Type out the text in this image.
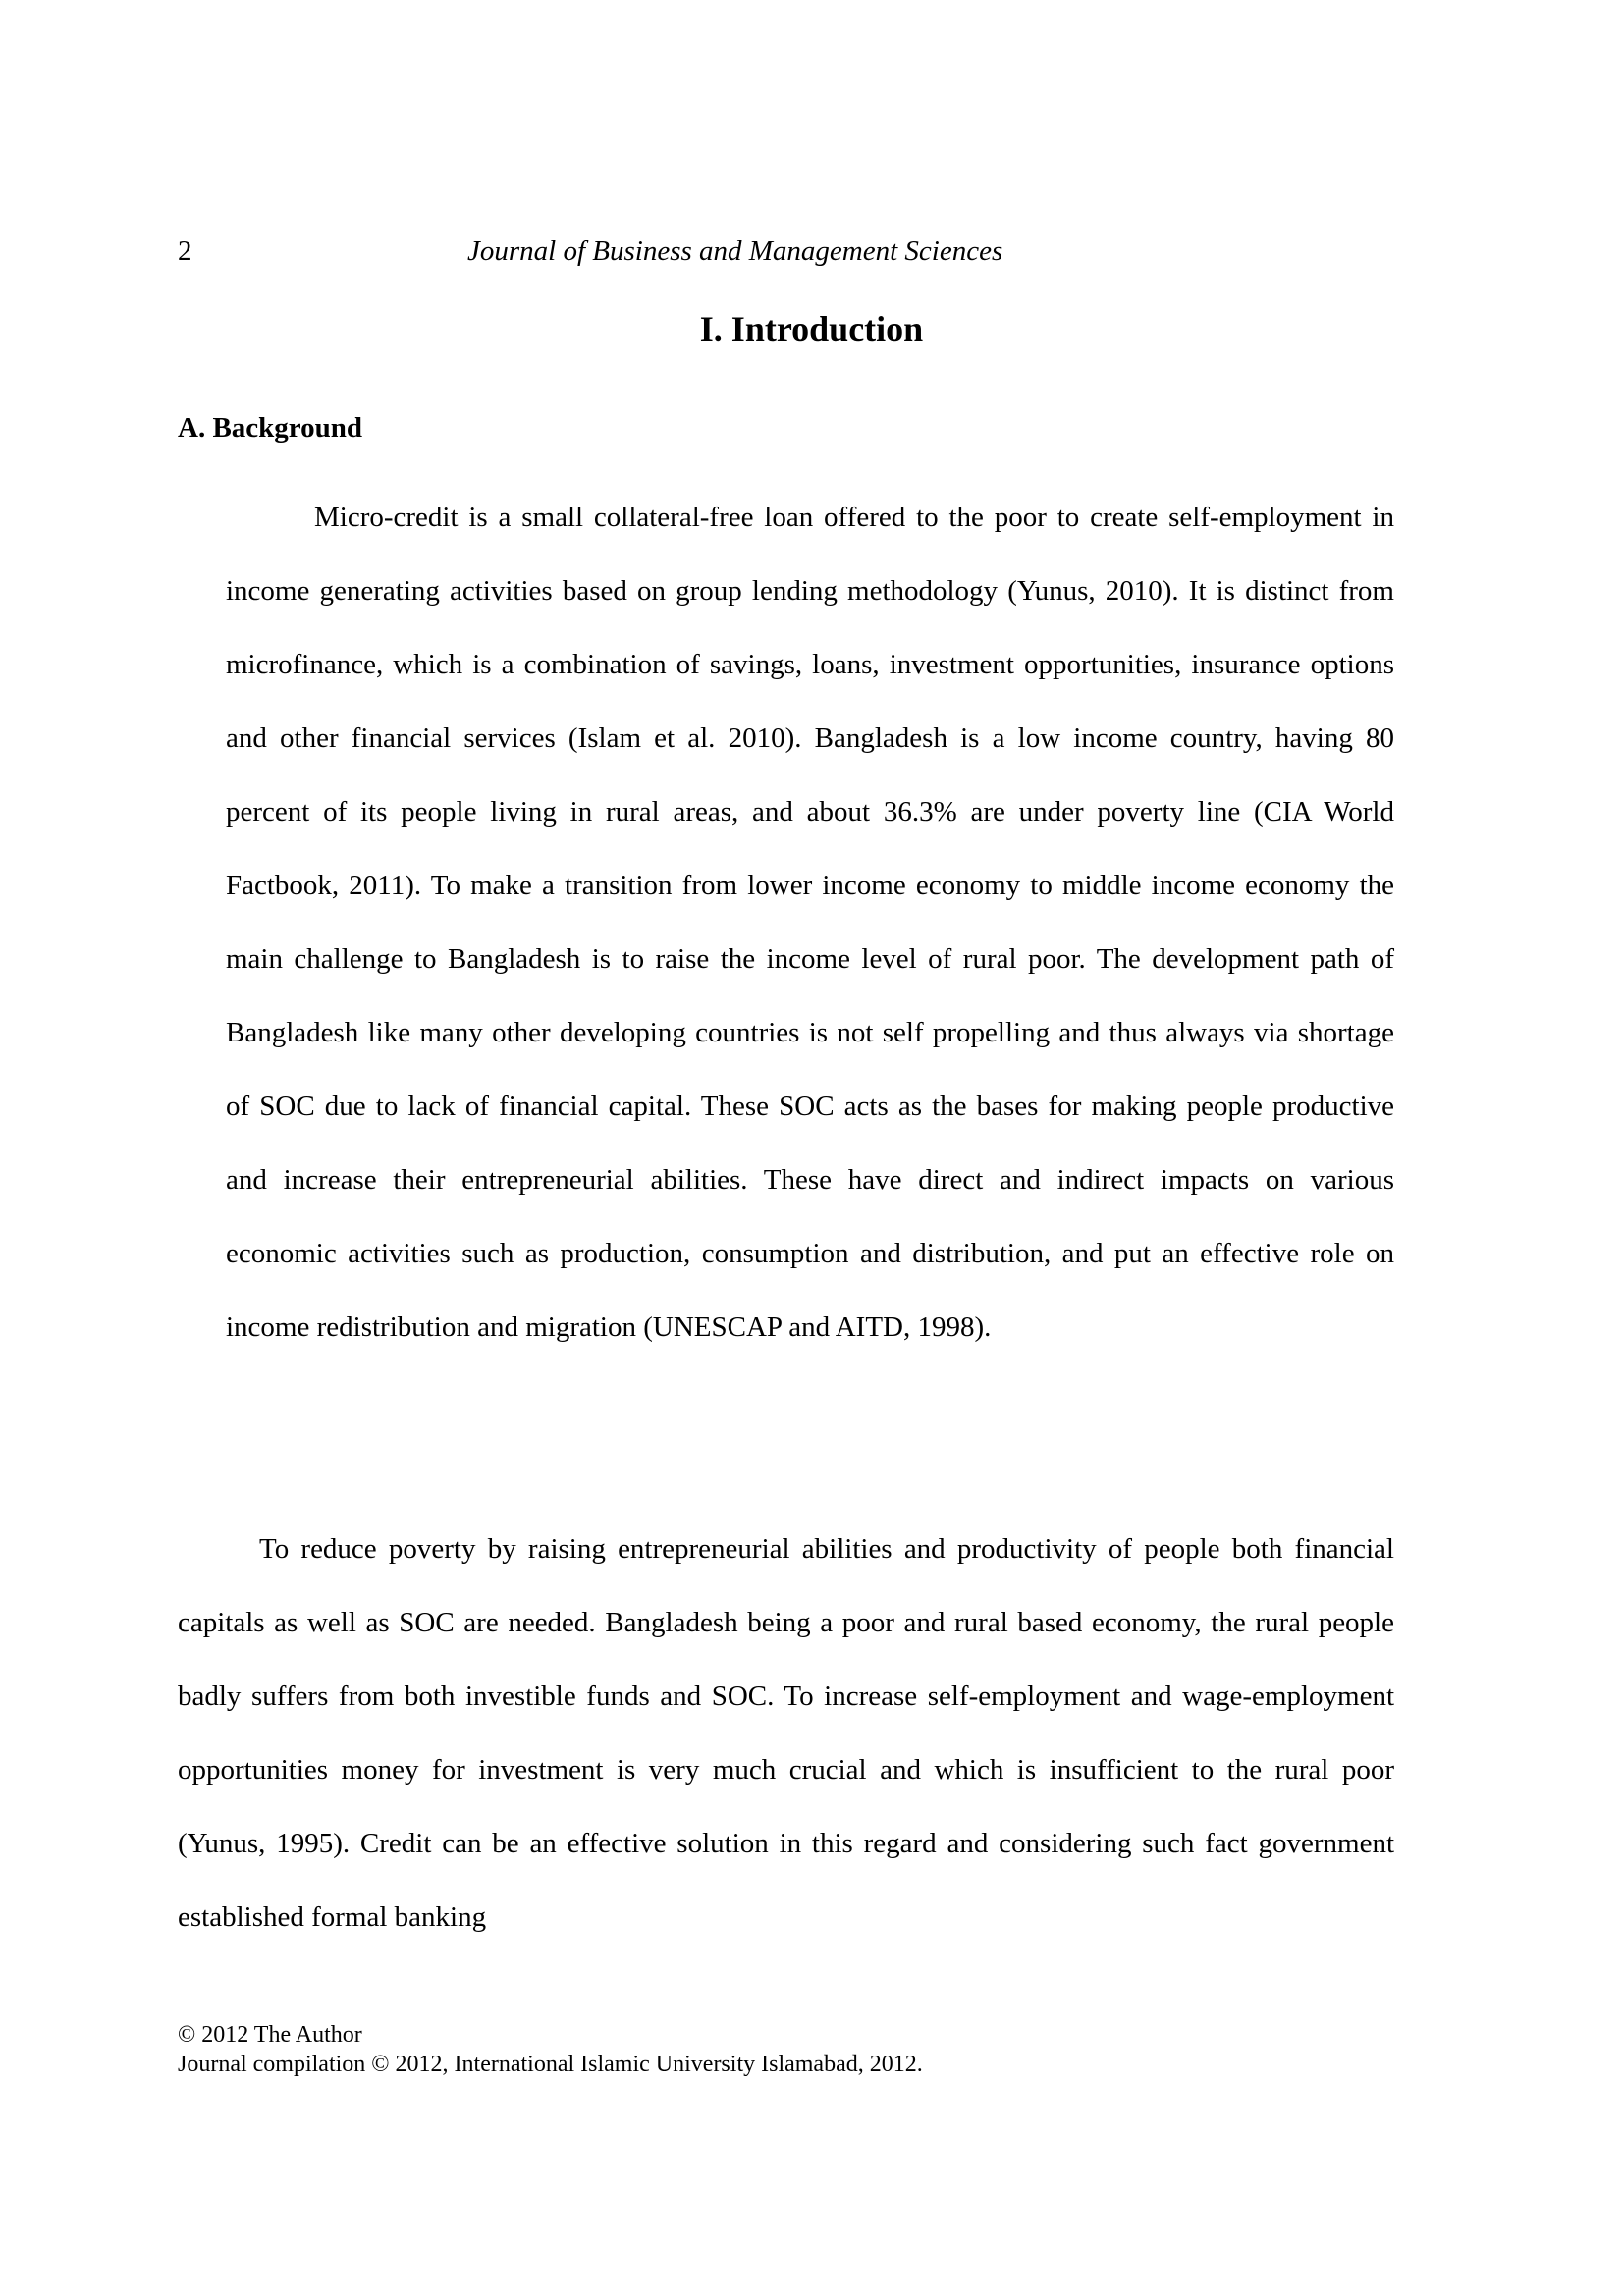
2	Journal of Business and Management Sciences
I. Introduction
A. Background

Micro-credit is a small collateral-free loan offered to the poor to create self-employment in income generating activities based on group lending methodology (Yunus, 2010). It is distinct from microfinance, which is a combination of savings, loans, investment opportunities, insurance options and other financial services (Islam et al. 2010). Bangladesh is a low income country, having 80 percent of its people living in rural areas, and about 36.3% are under poverty line (CIA World Factbook, 2011). To make a transition from lower income economy to middle income economy the main challenge to Bangladesh is to raise the income level of rural poor. The development path of Bangladesh like many other developing countries is not self propelling and thus always via shortage of SOC due to lack of financial capital. These SOC acts as the bases for making people productive and increase their entrepreneurial abilities. These have direct and indirect impacts on various economic activities such as production, consumption and distribution, and put an effective role on income redistribution and migration (UNESCAP and AITD, 1998).

To reduce poverty by raising entrepreneurial abilities and productivity of people both financial capitals as well as SOC are needed. Bangladesh being a poor and rural based economy, the rural people badly suffers from both investible funds and SOC. To increase self-employment and wage-employment opportunities money for investment is very much crucial and which is insufficient to the rural poor (Yunus, 1995). Credit can be an effective solution in this regard and considering such fact government established formal banking

© 2012 The Author
Journal compilation © 2012, International Islamic University Islamabad, 2012.
